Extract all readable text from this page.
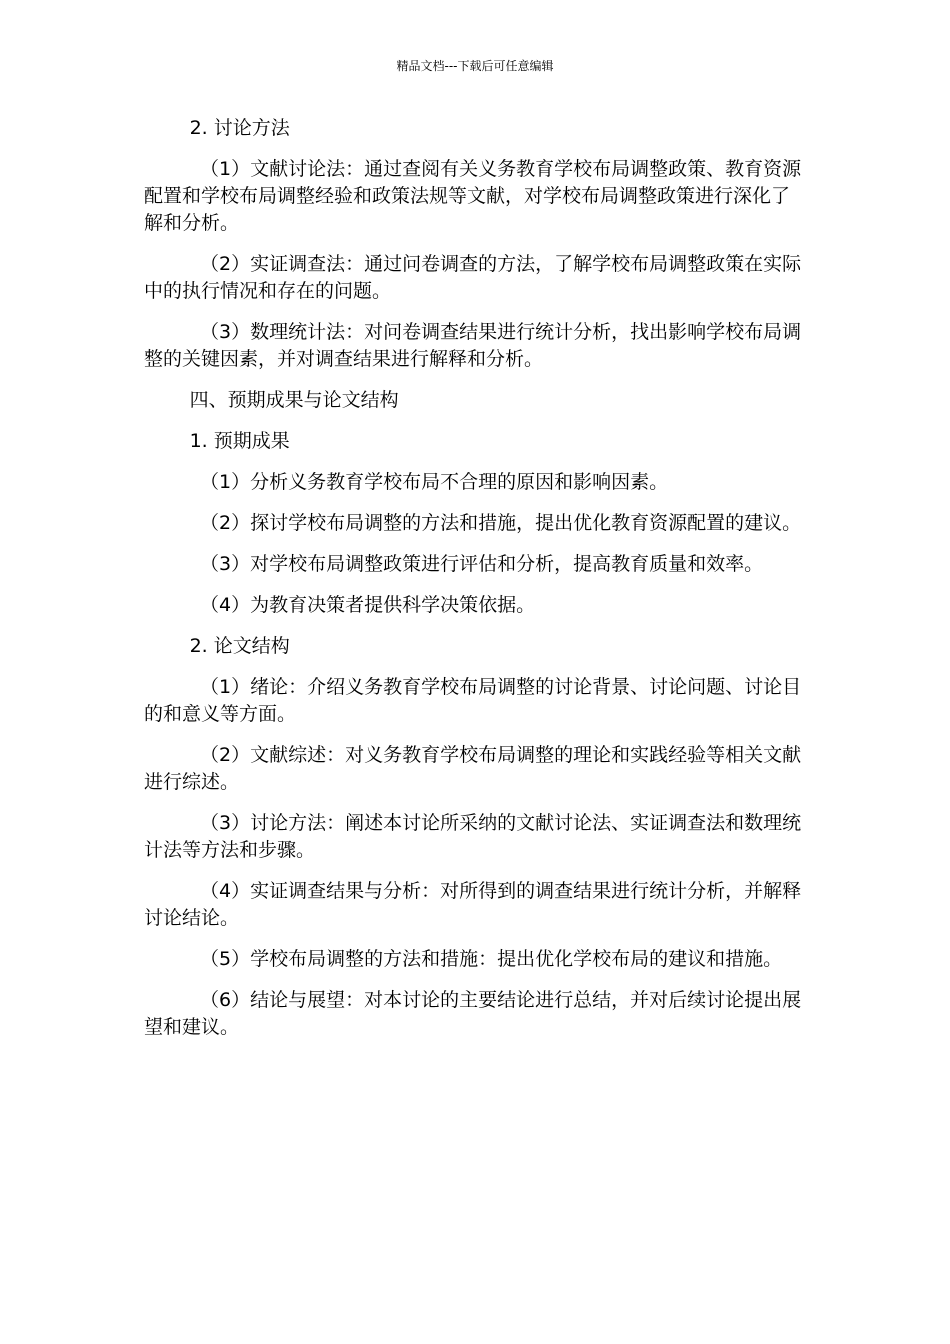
精品文档---下载后可任意编辑

2. 讨论方法

（1）文献讨论法：通过查阅有关义务教育学校布局调整政策、教育资源配置和学校布局调整经验和政策法规等文献，对学校布局调整政策进行深化了解和分析。

（2）实证调查法：通过问卷调查的方法，了解学校布局调整政策在实际中的执行情况和存在的问题。

（3）数理统计法：对问卷调查结果进行统计分析，找出影响学校布局调整的关键因素，并对调查结果进行解释和分析。

四、预期成果与论文结构

1. 预期成果

（1）分析义务教育学校布局不合理的原因和影响因素。

（2）探讨学校布局调整的方法和措施，提出优化教育资源配置的建议。

（3）对学校布局调整政策进行评估和分析，提高教育质量和效率。

（4）为教育决策者提供科学决策依据。

2. 论文结构

（1）绪论：介绍义务教育学校布局调整的讨论背景、讨论问题、讨论目的和意义等方面。

（2）文献综述：对义务教育学校布局调整的理论和实践经验等相关文献进行综述。

（3）讨论方法：阐述本讨论所采纳的文献讨论法、实证调查法和数理统计法等方法和步骤。

（4）实证调查结果与分析：对所得到的调查结果进行统计分析，并解释讨论结论。

（5）学校布局调整的方法和措施：提出优化学校布局的建议和措施。

（6）结论与展望：对本讨论的主要结论进行总结，并对后续讨论提出展望和建议。
